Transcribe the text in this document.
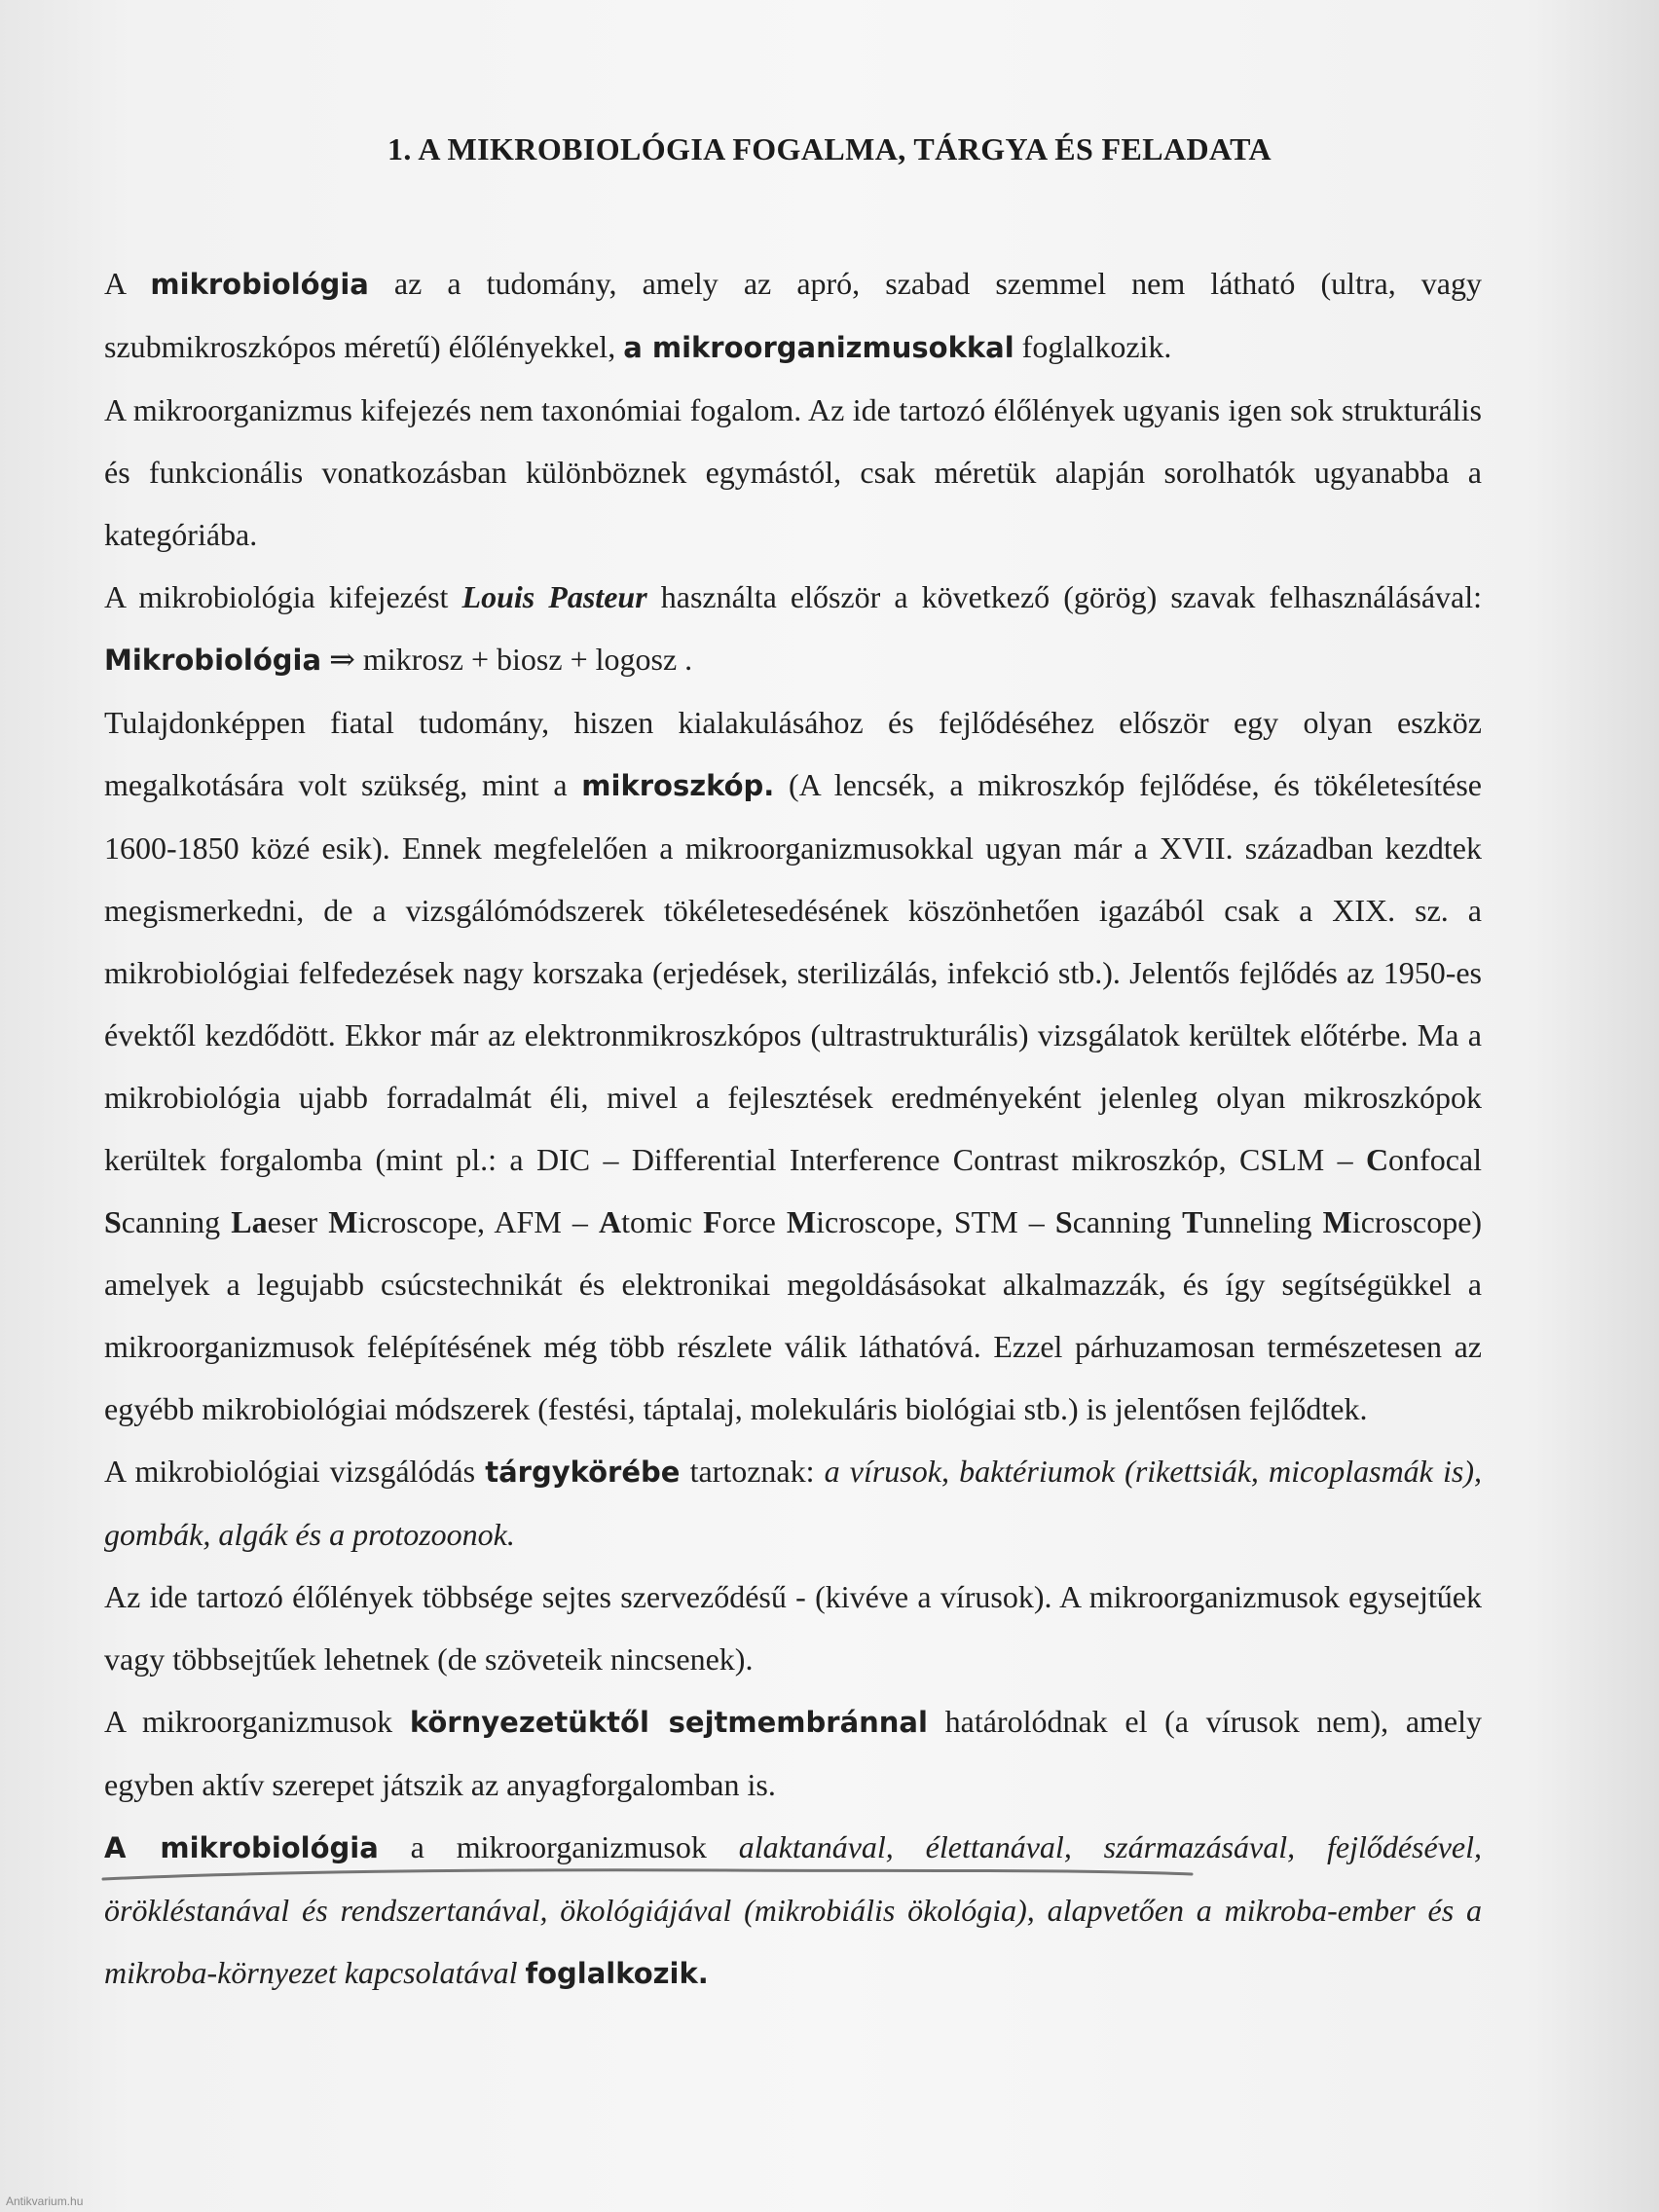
1. A MIKROBIOLÓGIA FOGALMA, TÁRGYA ÉS FELADATA

A mikrobiológia az a tudomány, amely az apró, szabad szemmel nem látható (ultra, vagy szubmikroszkópos méretű) élőlényekkel, a mikroorganizmusokkal foglalkozik.

A mikroorganizmus kifejezés nem taxonómiai fogalom. Az ide tartozó élőlények ugyanis igen sok strukturális és funkcionális vonatkozásban különböznek egymástól, csak méretük alapján sorolhatók ugyanabba a kategóriába.

A mikrobiológia kifejezést Louis Pasteur használta először a következő (görög) szavak felhasználásával: Mikrobiológia ⇒ mikrosz + biosz + logosz .

Tulajdonképpen fiatal tudomány, hiszen kialakulásához és fejlődéséhez először egy olyan eszköz megalkotására volt szükség, mint a mikroszkóp. (A lencsék, a mikroszkóp fejlődése, és tökéletesítése 1600-1850 közé esik). Ennek megfelelően a mikroorganizmusokkal ugyan már a XVII. században kezdtek megismerkedni, de a vizsgálómódszerek tökéletesedésének köszönhetően igazából csak a XIX. sz. a mikrobiológiai felfedezések nagy korszaka (erjedések, sterilizálás, infekció stb.). Jelentős fejlődés az 1950-es évektől kezdődött. Ekkor már az elektronmikroszkópos (ultrastrukturális) vizsgálatok kerültek előtérbe. Ma a mikrobiológia ujabb forradalmát éli, mivel a fejlesztések eredményeként jelenleg olyan mikroszkópok kerültek forgalomba (mint pl.: a DIC – Differential Interference Contrast mikroszkóp, CSLM – Confocal Scanning Laeser Microscope, AFM – Atomic Force Microscope, STM – Scanning Tunneling Microscope) amelyek a legujabb csúcstechnikát és elektronikai megoldásásokat alkalmazzák, és így segítségükkel a mikroorganizmusok felépítésének még több részlete válik láthatóvá. Ezzel párhuzamosan természetesen az egyébb mikrobiológiai módszerek (festési, táptalaj, molekuláris biológiai stb.) is jelentősen fejlődtek.

A mikrobiológiai vizsgálódás tárgykörébe tartoznak: a vírusok, baktériumok (rikettsiák, micoplasmák is), gombák, algák és a protozoonok.

Az ide tartozó élőlények többsége sejtes szerveződésű - (kivéve a vírusok). A mikroorganizmusok egysejtűek vagy többsejtűek lehetnek (de szöveteik nincsenek).

A mikroorganizmusok környezetüktől sejtmembránnal határolódnak el (a vírusok nem), amely egyben aktív szerepet játszik az anyagforgalomban is.

A mikrobiológia a mikroorganizmusok alaktanával, élettanával, származásával, fejlődésével, örökléstanával és rendszertanával, ökológiájával (mikrobiális ökológia), alapvetően a mikroba-ember és a mikroba-környezet kapcsolatával foglalkozik.

Antikvarium.hu
